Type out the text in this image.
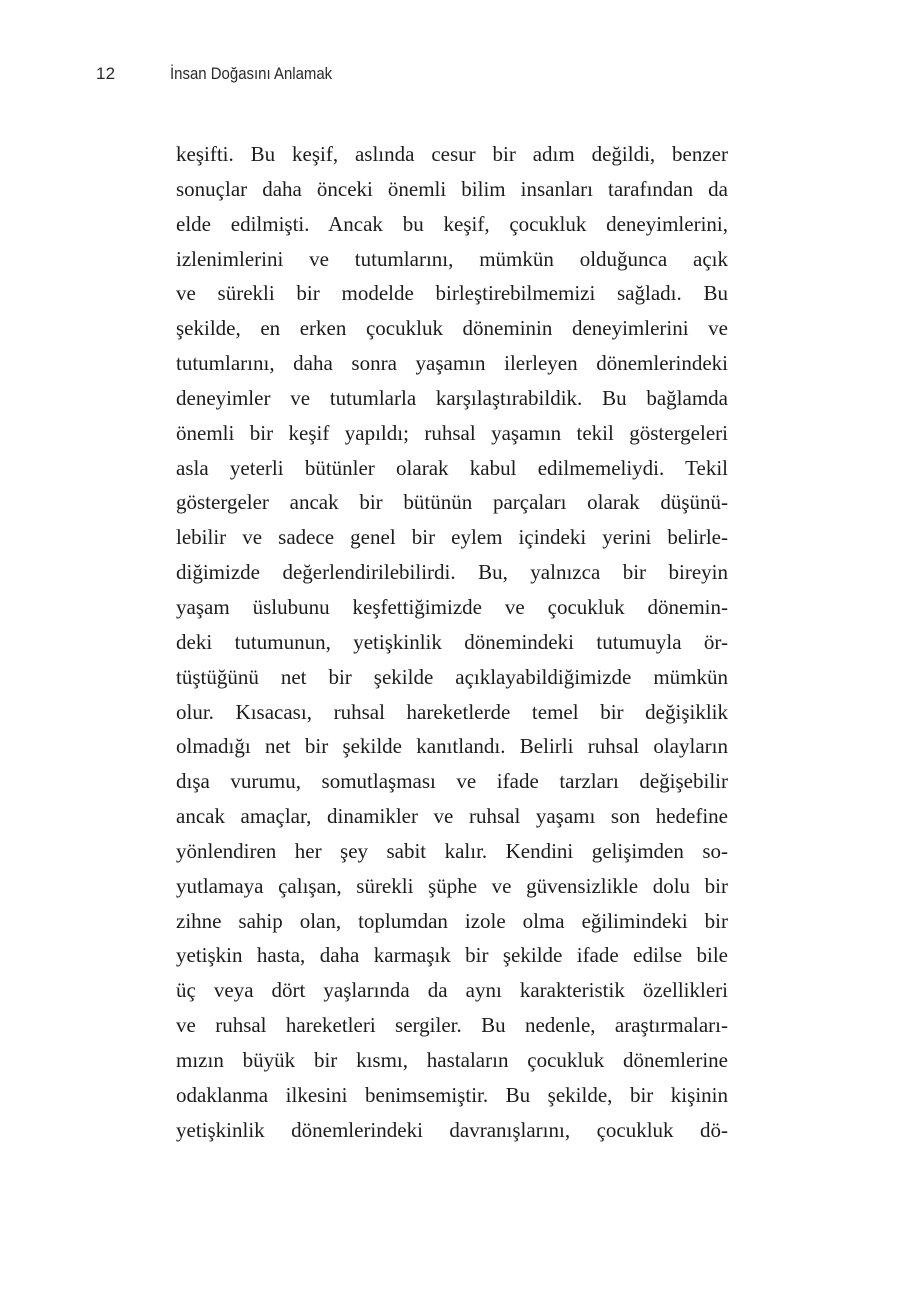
12	İnsan Doğasını Anlamak
keşifti. Bu keşif, aslında cesur bir adım değildi, benzer
sonuçlar daha önceki önemli bilim insanları tarafından da
elde edilmişti. Ancak bu keşif, çocukluk deneyimlerini,
izlenimlerini ve tutumlarını, mümkün olduğunca açık
ve sürekli bir modelde birleştirebilmemizi sağladı. Bu
şekilde, en erken çocukluk döneminin deneyimlerini ve
tutumlarını, daha sonra yaşamın ilerleyen dönemlerindeki
deneyimler ve tutumlarla karşılaştırabildik. Bu bağlamda
önemli bir keşif yapıldı; ruhsal yaşamın tekil göstergeleri
asla yeterli bütünler olarak kabul edilmemeliydi. Tekil
göstergeler ancak bir bütünün parçaları olarak düşünü-
lebilir ve sadece genel bir eylem içindeki yerini belirle-
diğimizde değerlendirilebilirdi. Bu, yalnızca bir bireyin
yaşam üslubunu keşfettiğimizde ve çocukluk dönemin-
deki tutumunun, yetişkinlik dönemindeki tutumuyla ör-
tüştüğünü net bir şekilde açıklayabildiğimizde mümkün
olur. Kısacası, ruhsal hareketlerde temel bir değişiklik
olmadığı net bir şekilde kanıtlandı. Belirli ruhsal olayların
dışa vurumu, somutlaşması ve ifade tarzları değişebilir
ancak amaçlar, dinamikler ve ruhsal yaşamı son hedefine
yönlendiren her şey sabit kalır. Kendini gelişimden so-
yutlamaya çalışan, sürekli şüphe ve güvensizlikle dolu bir
zihne sahip olan, toplumdan izole olma eğilimindeki bir
yetişkin hasta, daha karmaşık bir şekilde ifade edilse bile
üç veya dört yaşlarında da aynı karakteristik özellikleri
ve ruhsal hareketleri sergiler. Bu nedenle, araştırmaları-
mızın büyük bir kısmı, hastaların çocukluk dönemlerine
odaklanma ilkesini benimsemiştir. Bu şekilde, bir kişinin
yetişkinlik dönemlerindeki davranışlarını, çocukluk dö-
